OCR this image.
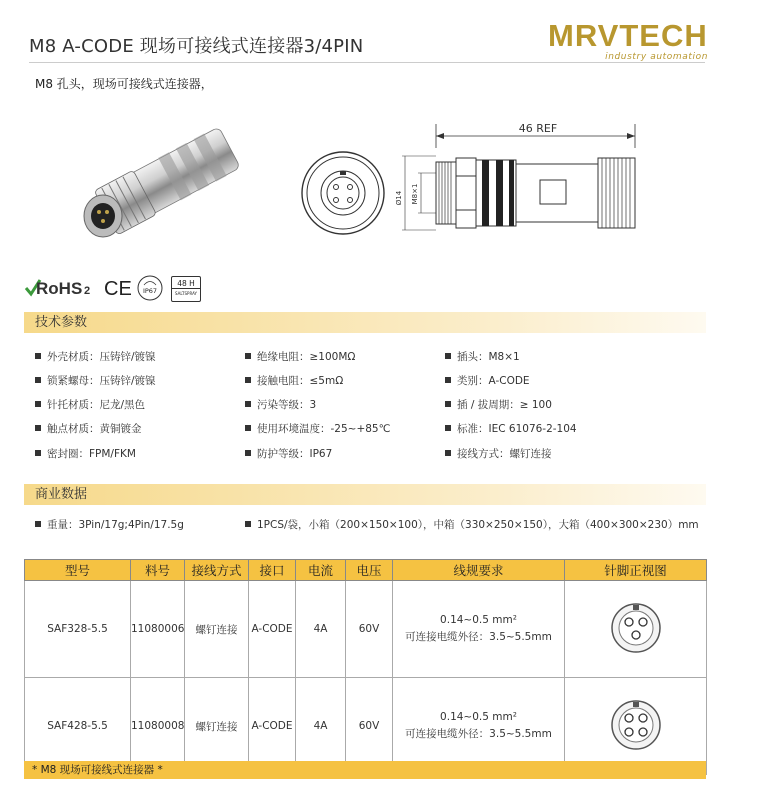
M8 A-CODE 现场可接线式连接器3/4PIN	MRVTECH
industry automation
M8 孔头，现场可接线式连接器，
46 REF
Ø14 M8×1
RoHS 2 CE	IP67
48 H
SALTSPRAY
技术参数
外壳材质：压铸锌/镀镍
锁紧螺母：压铸锌/镀镍
针托材质：尼龙/黑色
触点材质：黄铜镀金
密封圈：FPM/FKM
绝缘电阻：≥100MΩ
接触电阻：≤5mΩ
污染等级：3
使用环境温度：-25~+85℃
防护等级：IP67
插头：M8×1
类别：A-CODE
插 / 拔周期：≥ 100
标准：IEC 61076-2-104
接线方式：螺钉连接
商业数据
重量：3Pin/17g;4Pin/17.5g	1PCS/袋，小箱（200×150×100），中箱（330×250×150），大箱（400×300×230）mm
型号	料号	接线方式	接口	电流	电压	线规要求	针脚正视图
SAF328-5.5	11080006	螺钉连接	A-CODE	4A	60V	0.14~0.5 mm²
可连接电缆外径：3.5~5.5mm

SAF428-5.5	11080008	螺钉连接	A-CODE	4A	60V	0.14~0.5 mm²
可连接电缆外径：3.5~5.5mm

* M8 现场可接线式连接器 *
